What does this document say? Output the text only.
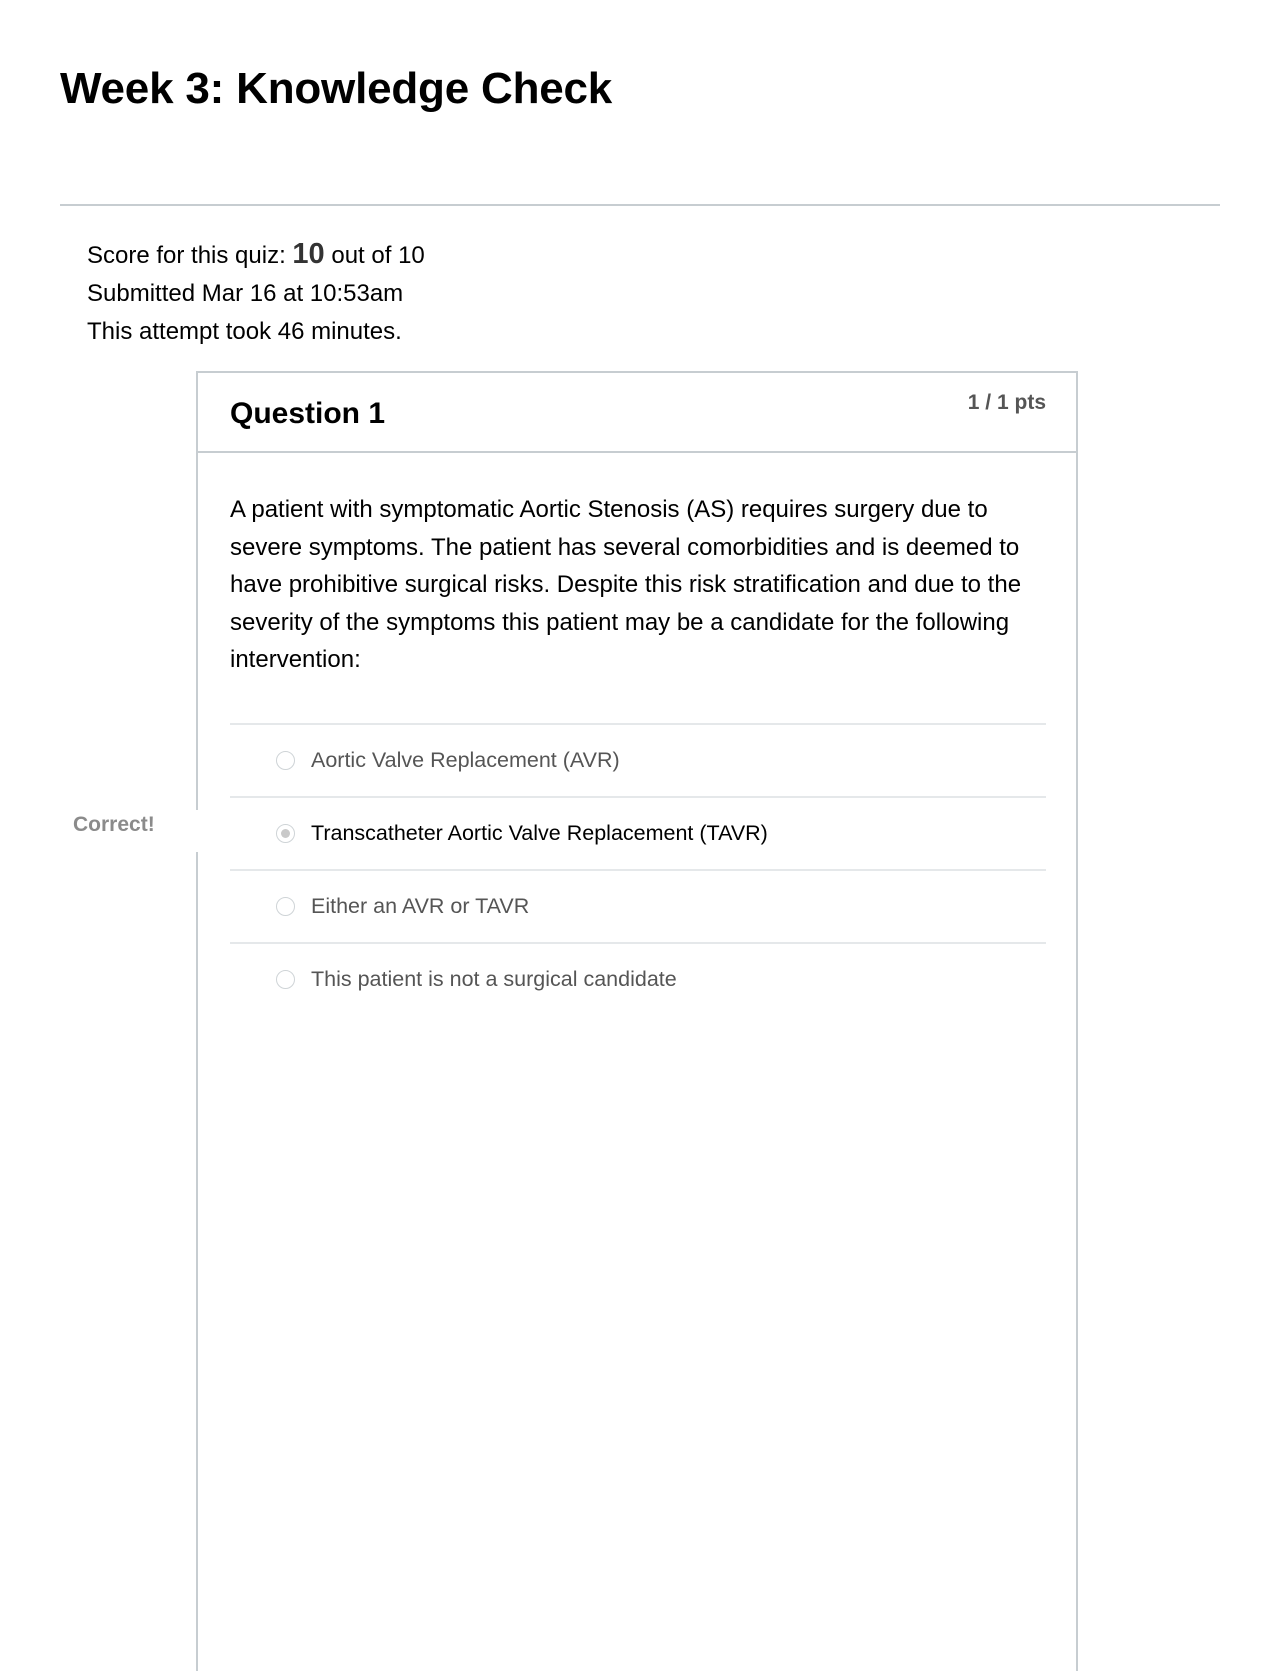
Week 3: Knowledge Check
Score for this quiz: 10 out of 10
Submitted Mar 16 at 10:53am
This attempt took 46 minutes.
Question 1	1 / 1 pts

A patient with symptomatic Aortic Stenosis (AS) requires surgery due to severe symptoms. The patient has several comorbidities and is deemed to have prohibitive surgical risks. Despite this risk stratification and due to the severity of the symptoms this patient may be a candidate for the following intervention:

Aortic Valve Replacement (AVR)
Transcatheter Aortic Valve Replacement (TAVR)
Either an AVR or TAVR
This patient is not a surgical candidate
Correct!
